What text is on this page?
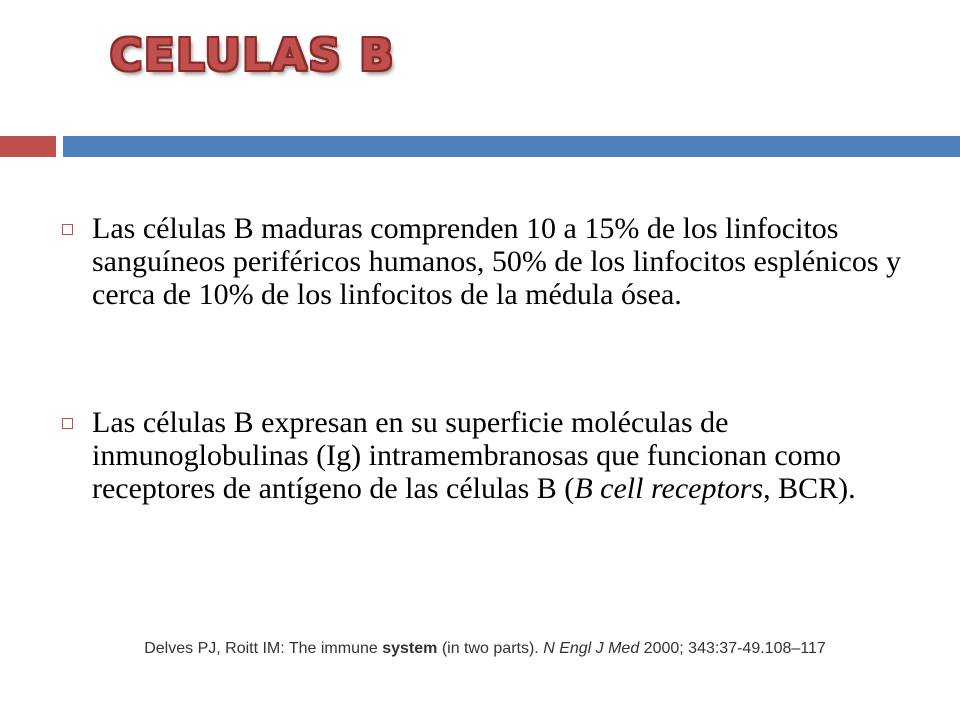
CELULAS B
Las células B maduras comprenden 10 a 15% de los linfocitos sanguíneos periféricos humanos, 50% de los linfocitos esplénicos y cerca de 10% de los linfocitos de la médula ósea.
Las células B expresan en su superficie moléculas de inmunoglobulinas (Ig) intramembranosas que funcionan como receptores de antígeno de las células B (B cell receptors, BCR).
Delves PJ, Roitt IM: The immune system (in two parts). N Engl J Med 2000; 343:37-49.108–117
